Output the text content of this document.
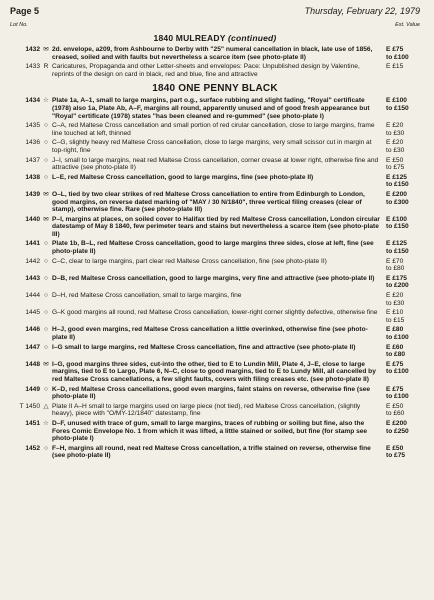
Page 5	Thursday, February 22, 1979
Lot No.	Est. Value
1840 MULREADY (continued)
1432 ✉ 2d. envelope, a209, from Ashbourne to Derby with "25" numeral cancellation in black, late use of 1856, creased, soiled and with faults but nevertheless a scarce item (see photo-plate II)
E £75
to £100
1433 R Caricatures, Propaganda and other Letter-sheets and envelopes: Pace: Unpublished design by Valentine, reprints of the design on card in black, red and blue, fine and attractive
E £15
1840 ONE PENNY BLACK
1434 ☆ Plate 1a, A–1, small to large margins, part o.g., surface rubbing and slight fading, "Royal" certificate (1978) also 1a, Plate Ab, A–F, margins all round, apparently unused and of good fresh appearance but "Royal" certificate (1978) states "has been cleaned and re-gummed" (see photo-plate I)
E £100
to £150
1435 ○ C–A, red Maltese Cross cancellation and small portion of red cirular cancellation, close to large margins, frame line touched at left, thinned
E £20
to £30
1436 ○ C–G, slightly heavy red Maltese Cross cancellation, close to large margins, very small scissor cut in margin at top-right, fine
E £20
to £30
1437 ○ J–I, small to large margins, neat red Maltese Cross cancellation, corner crease at lower right, otherwise fine and attractive (see photo-plate II)
E £50
to £75
1438 ○ L–E, red Maltese Cross cancellation, good to large margins, fine (see photo-plate II)	E £125
to £150
1439 ✉ O–L, tied by two clear strikes of red Maltese Cross cancellation to entire from Edinburgh to London, good margins, on reverse dated marking of "MAY / 30 N/1840", three vertical filing creases (clear of stamp), otherwise fine. Rare (see photo-plate III)
E £200
to £300
1440 ✉ P–I, margins at places, on soiled cover to Halifax tied by red Maltese Cross cancellation, London circular datestamp of May 8 1840, few perimeter tears and stains but nevertheless a scarce item (see photo-plate III)
E £100
to £150
1441 ○ Plate 1b, B–L, red Maltese Cross cancellation, good to large margins three sides, close at left, fine (see photo-plate II)
E £125
to £150
1442 ○ C–C, clear to large margins, part clear red Maltese Cross cancellation, fine (see photo-plate II)	E £70
to £80
1443 ○ D–B, red Maltese Cross cancellation, good to large margins, very fine and attractive (see photo-plate II)	E £175
to £200
1444 ○ D–H, red Maltese Cross cancellation, small to large margins, fine	E £20
to £30
1445 ○ G–K good margins all round, red Maltese Cross cancellation, lower-right corner slightly defective, otherwise fine	E £10
to £15
1446 ○ H–J, good even margins, red Maltese Cross cancellation a little overinked, otherwise fine (see photo-plate II)
E £80
to £100
1447 ○ I–G small to large margins, red Maltese Cross cancellation, fine and attractive (see photo-plate II)	E £60
to £80
1448 ✉ I–G, good margins three sides, cut-into the other, tied to E to Lundin Mill, Plate 4, J–E, close to large margins, tied to E to Largo, Plate 6, N–C, close to good margins, tied to E to Lundy Mill, all cancelled by red Maltese Cross cancellations, a few slight faults, covers with filing creases etc. (see photo-plate II)
E £75
to £100
1449 ○ K–D, red Maltese Cross cancellations, good even margins, faint stains on reverse, otherwise fine (see photo-plate II)
E £75
to £100
T 1450 △ Plate II A–H small to large margins used on large piece (not tied), red Maltese Cross cancellation, (slightly heavy), piece with "O/MY-12/1840" datestamp, fine
E £50
to £60
1451 ☆ D–F, unused with trace of gum, small to large margins, traces of rubbing or soiling but fine, also the Fores Comic Envelope No. 1 from which it was lifted, a little stained or soiled, but fine (for stamp see photo-plate I)
E £200
to £250
1452 ○ F–H, margins all round, neat red Maltese Cross cancellation, a trifle stained on reverse, otherwise fine (see photo-plate II)
E £50
to £75
